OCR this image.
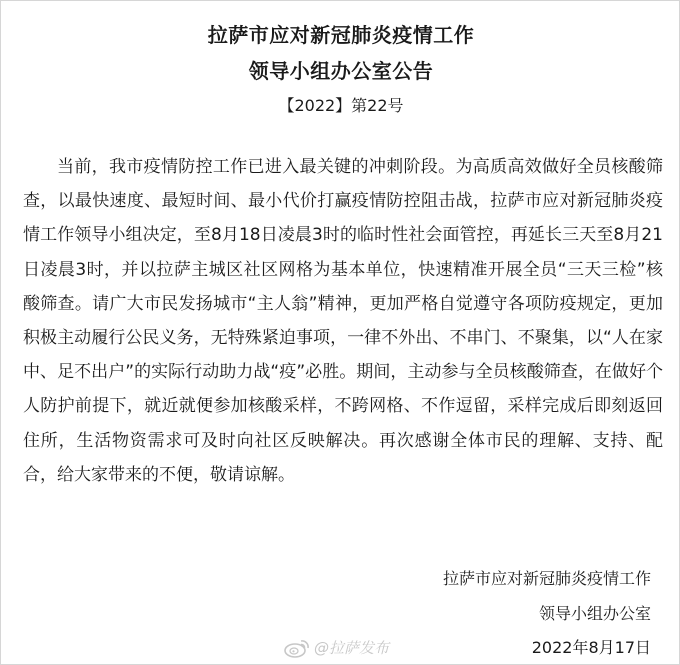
拉萨市应对新冠肺炎疫情工作
领导小组办公室公告
【2022】第22号

当前，我市疫情防控工作已进入最关键的冲刺阶段。为高质高效做好全员核酸筛查，以最快速度、最短时间、最小代价打赢疫情防控阻击战，拉萨市应对新冠肺炎疫情工作领导小组决定，至8月18日凌晨3时的临时性社会面管控，再延长三天至8月21日凌晨3时，并以拉萨主城区社区网格为基本单位，快速精准开展全员“三天三检”核酸筛查。请广大市民发扬城市“主人翁”精神，更加严格自觉遵守各项防疫规定，更加积极主动履行公民义务，无特殊紧迫事项，一律不外出、不串门、不聚集，以“人在家中、足不出户”的实际行动助力战“疫”必胜。期间，主动参与全员核酸筛查，在做好个人防护前提下，就近就便参加核酸采样，不跨网格、不作逗留，采样完成后即刻返回住所，生活物资需求可及时向社区反映解决。再次感谢全体市民的理解、支持、配合，给大家带来的不便，敬请谅解。

拉萨市应对新冠肺炎疫情工作
领导小组办公室
2022年8月17日
@拉萨发布
